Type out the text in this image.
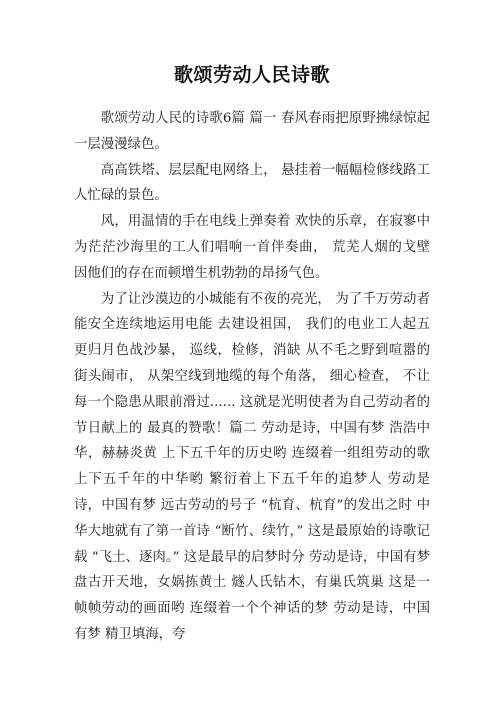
歌颂劳动人民诗歌

歌颂劳动人民的诗歌6篇 篇一 春风春雨把原野拂绿惊起一层漫漫绿色。

高高铁塔、层层配电网络上， 悬挂着一幅幅检修线路工人忙碌的景色。

风，用温情的手在电线上弹奏着 欢快的乐章，在寂寥中 为茫茫沙海里的工人们唱响一首伴奏曲， 荒芜人烟的戈壁 因他们的存在而顿增生机勃勃的昂扬气色。

为了让沙漠边的小城能有不夜的亮光， 为了千万劳动者能安全连续地运用电能 去建设祖国， 我们的电业工人起五更归月色战沙暴， 巡线，检修，消缺 从不毛之野到喧嚣的街头闹市， 从架空线到地缆的每个角落， 细心检查， 不让每一个隐患从眼前滑过...... 这就是光明使者为自己劳动者的节日献上的 最真的赞歌！篇二 劳动是诗，中国有梦 浩浩中华，赫赫炎黄 上下五千年的历史哟 连缀着一组组劳动的歌 上下五千年的中华哟 繁衍着上下五千年的追梦人 劳动是诗，中国有梦 远古劳动的号子 “杭育、杭育”的发出之时 中华大地就有了第一首诗 “断竹、续竹，” 这是最原始的诗歌记载 “飞土、逐肉。” 这是最早的启梦时分 劳动是诗，中国有梦 盘古开天地，女娲拣黄土 燧人氏钻木，有巢氏筑巢 这是一帧帧劳动的画面哟 连缀着一个个神话的梦 劳动是诗，中国有梦 精卫填海，夸
